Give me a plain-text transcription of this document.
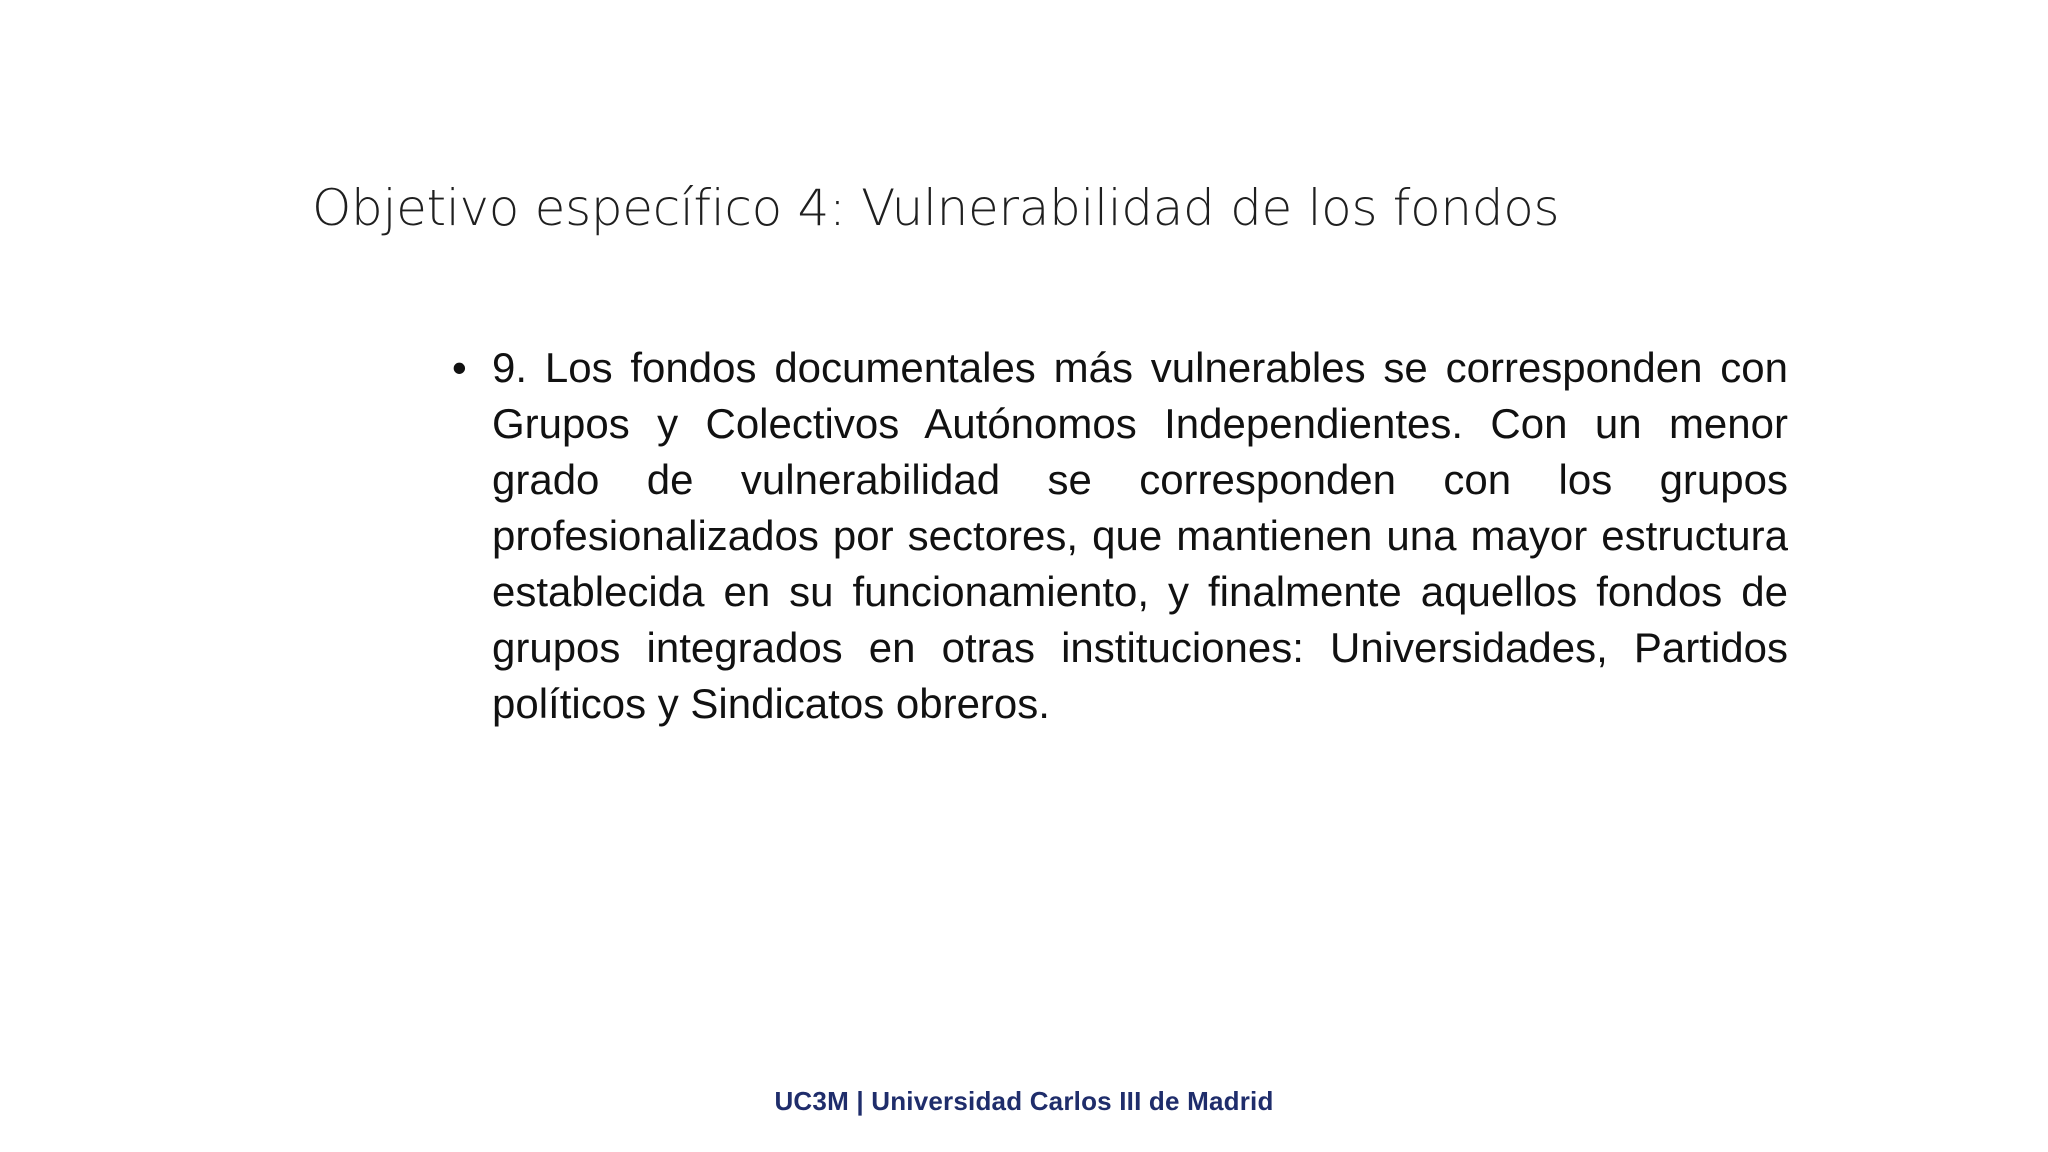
Objetivo específico 4: Vulnerabilidad de los fondos
• 9. Los fondos documentales más vulnerables se corresponden con Grupos y Colectivos Autónomos Independientes. Con un menor grado de vulnerabilidad se corresponden con los grupos profesionalizados por sectores, que mantienen una mayor estructura establecida en su funcionamiento, y finalmente aquellos fondos de grupos integrados en otras instituciones: Universidades, Partidos políticos y Sindicatos obreros.
UC3M | Universidad Carlos III de Madrid
